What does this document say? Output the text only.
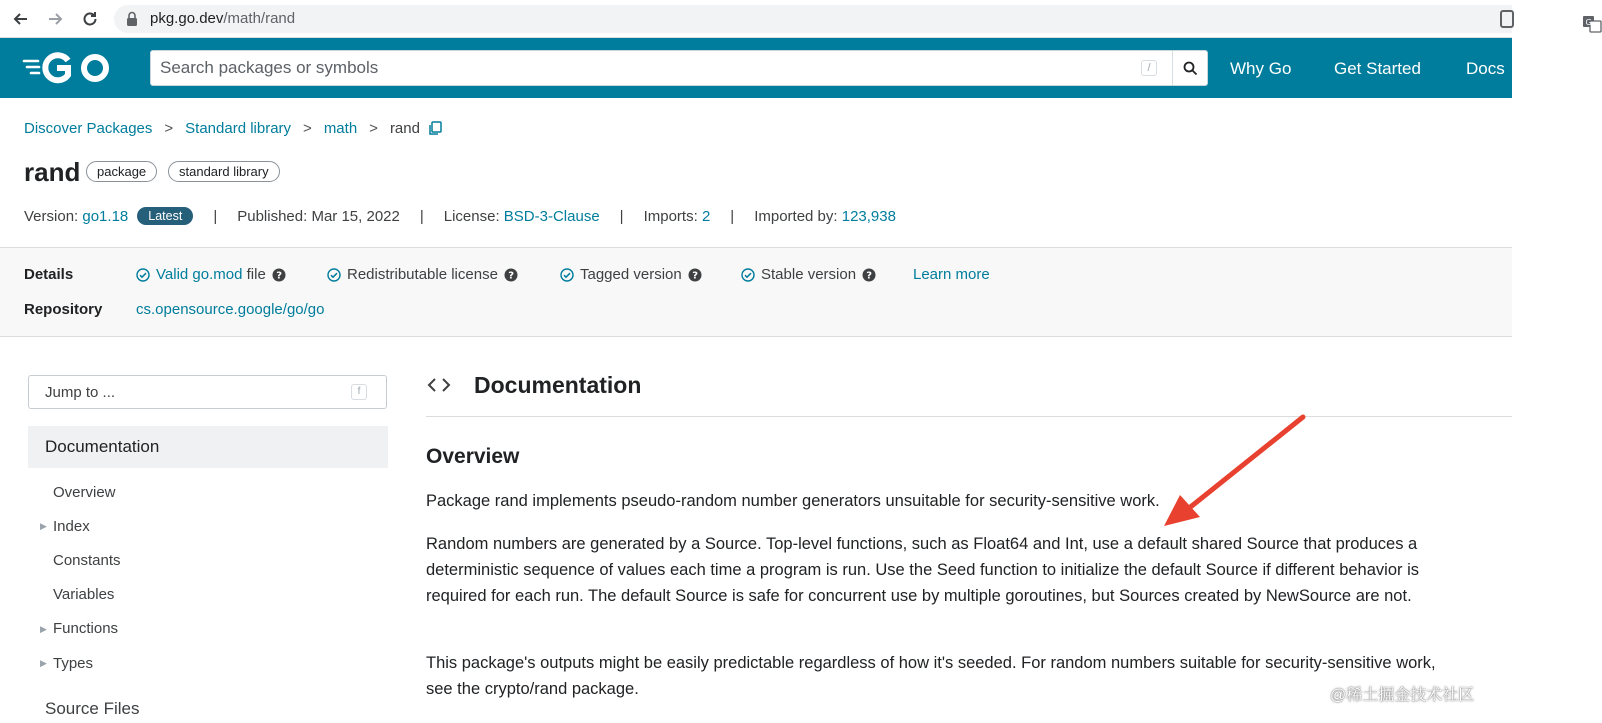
pkg.go.dev/math/rand	G
Search packages or symbols
/	Why Go	Get Started	Docs
Discover Packages > Standard library > math > rand
rand	package	standard library
Version:
go1.18	Latest	| Published: Mar 15, 2022 | License:
BSD-3-Clause | Imports:
2 | Imported by:
123,938
Details	Valid go.mod file ?	Redistributable license ?	Tagged version ?	Stable version ?	Learn more
Repository cs.opensource.google/go/go
Jump to ...
f
Documentation
Overview
▶ Index
Constants
Variables
▶ Functions
▶ Types
Source Files
Documentation
Overview

Package rand implements pseudo-random number generators unsuitable for security-sensitive work.

Random numbers are generated by a Source. Top-level functions, such as Float64 and Int, use a default shared Source that produces a deterministic sequence of values each time a program is run. Use the Seed function to initialize the default Source if different behavior is required for each run. The default Source is safe for concurrent use by multiple goroutines, but Sources created by NewSource are not.

This package's outputs might be easily predictable regardless of how it's seeded. For random numbers suitable for security-sensitive work, see the crypto/rand package.	@稀土掘金技术社区
